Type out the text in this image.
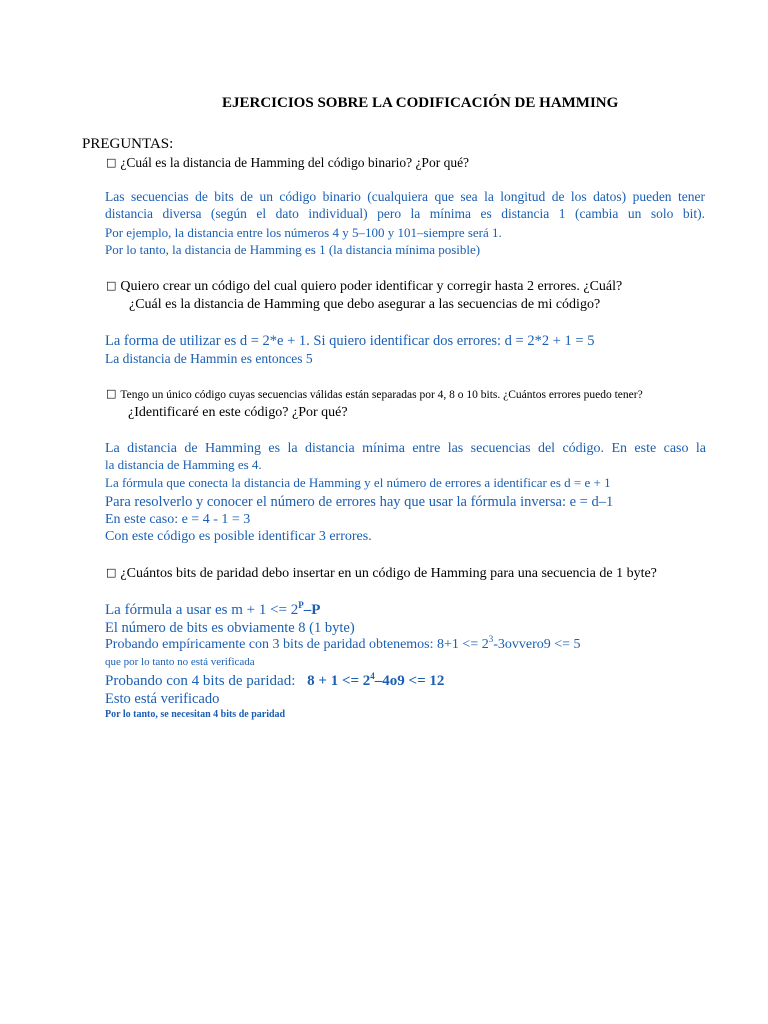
EJERCICIOS SOBRE LA CODIFICACIÓN DE HAMMING
PREGUNTAS:
□ ¿Cuál es la distancia de Hamming del código binario? ¿Por qué?
Las secuencias de bits de un código binario (cualquiera que sea la longitud de los datos) pueden tener
distancia diversa (según el dato individual) pero la mínima es distancia 1 (cambia un solo bit).
Por ejemplo, la distancia entre los números 4 y 5–100 y 101–siempre será 1.
Por lo tanto, la distancia de Hamming es 1 (la distancia mínima posible)
□ Quiero crear un código del cual quiero poder identificar y corregir hasta 2 errores. ¿Cuál?
¿Cuál es la distancia de Hamming que debo asegurar a las secuencias de mi código?
La forma de utilizar es d = 2*e + 1. Si quiero identificar dos errores: d = 2*2 + 1 = 5
La distancia de Hammin es entonces 5
□ Tengo un único código cuyas secuencias válidas están separadas por 4, 8 o 10 bits. ¿Cuántos errores puedo tener?
¿Identificaré en este código? ¿Por qué?
La distancia de Hamming es la distancia mínima entre las secuencias del código. En este caso la
la distancia de Hamming es 4.
La fórmula que conecta la distancia de Hamming y el número de errores a identificar es d = e + 1
Para resolverlo y conocer el número de errores hay que usar la fórmula inversa: e = d–1
En este caso: e = 4 - 1 = 3
Con este código es posible identificar 3 errores.
□ ¿Cuántos bits de paridad debo insertar en un código de Hamming para una secuencia de 1 byte?
La fórmula a usar es $m + 1 <= 2^P-P$
El número de bits es obviamente 8 (1 byte)
Probando empíricamente con 3 bits de paridad obtenemos: $8+1 <= 2^3-3ovvero9 <= 5$
que por lo tanto no está verificada
Probando con 4 bits de paridad: $8 + 1 <= 2^4-4o9 <= 12$
Esto está verificado
Por lo tanto, se necesitan 4 bits de paridad
